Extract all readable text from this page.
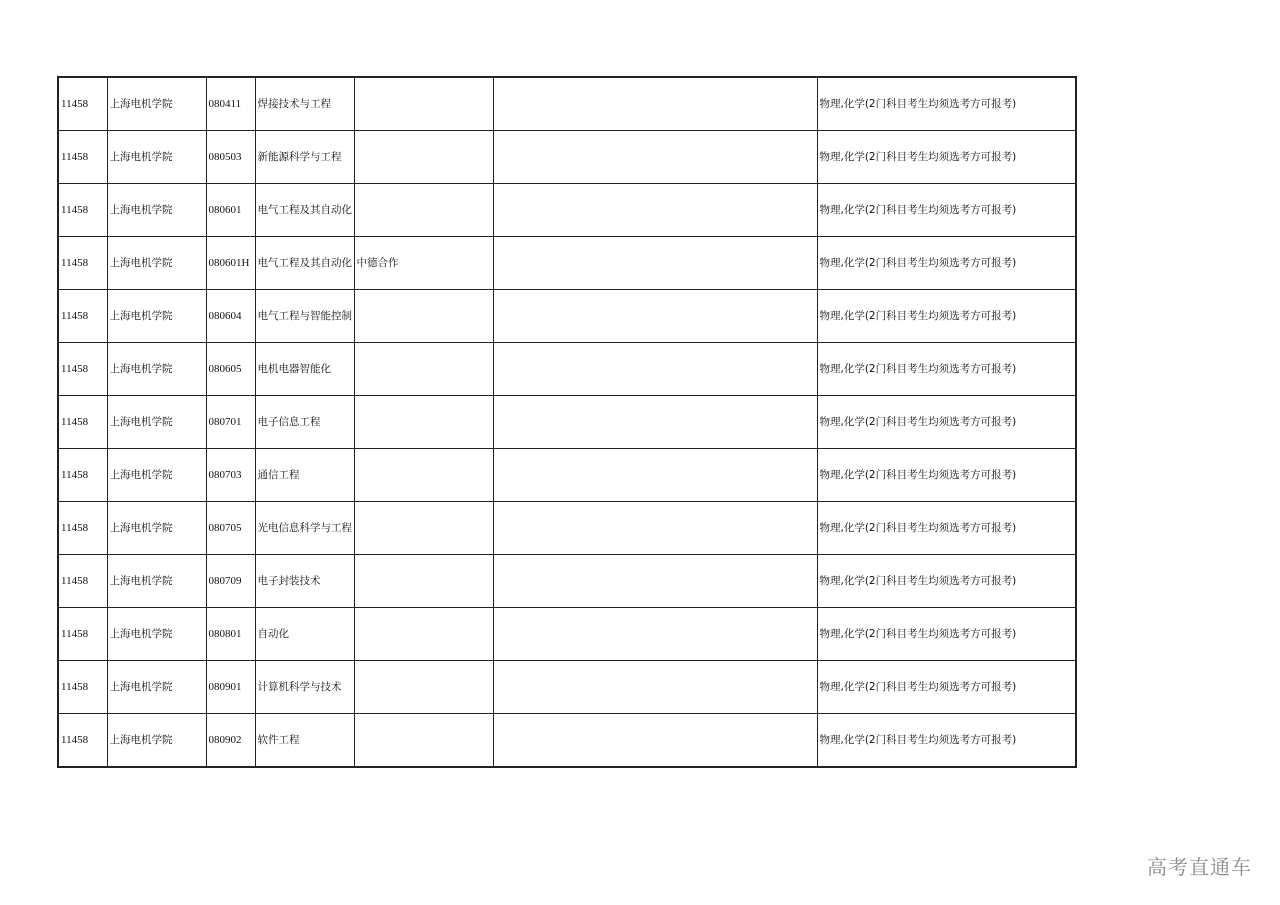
11458	上海电机学院	080411	焊接技术与工程			物理,化学(2门科目考生均须选考方可报考)
11458	上海电机学院	080503	新能源科学与工程			物理,化学(2门科目考生均须选考方可报考)
11458	上海电机学院	080601	电气工程及其自动化			物理,化学(2门科目考生均须选考方可报考)
11458	上海电机学院	080601H	电气工程及其自动化	中德合作		物理,化学(2门科目考生均须选考方可报考)
11458	上海电机学院	080604	电气工程与智能控制			物理,化学(2门科目考生均须选考方可报考)
11458	上海电机学院	080605	电机电器智能化			物理,化学(2门科目考生均须选考方可报考)
11458	上海电机学院	080701	电子信息工程			物理,化学(2门科目考生均须选考方可报考)
11458	上海电机学院	080703	通信工程			物理,化学(2门科目考生均须选考方可报考)
11458	上海电机学院	080705	光电信息科学与工程			物理,化学(2门科目考生均须选考方可报考)
11458	上海电机学院	080709	电子封装技术			物理,化学(2门科目考生均须选考方可报考)
11458	上海电机学院	080801	自动化			物理,化学(2门科目考生均须选考方可报考)
11458	上海电机学院	080901	计算机科学与技术			物理,化学(2门科目考生均须选考方可报考)
11458	上海电机学院	080902	软件工程			物理,化学(2门科目考生均须选考方可报考)
高考直通车
